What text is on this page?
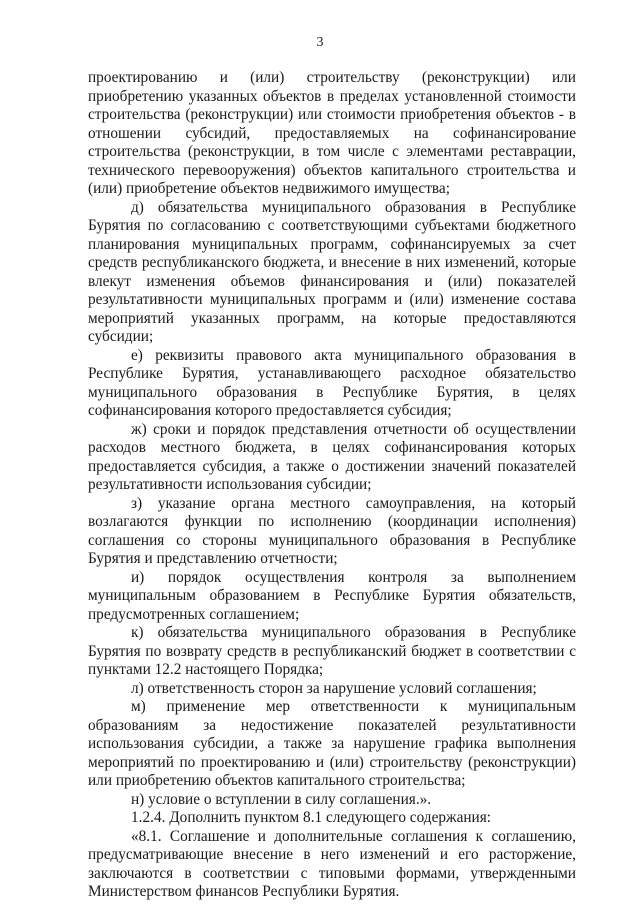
3

проектированию и (или) строительству (реконструкции) или приобретению указанных объектов в пределах установленной стоимости строительства (реконструкции) или стоимости приобретения объектов - в отношении субсидий, предоставляемых на софинансирование строительства (реконструкции, в том числе с элементами реставрации, технического перевооружения) объектов капитального строительства и (или) приобретение объектов недвижимого имущества;

д) обязательства муниципального образования в Республике Бурятия по согласованию с соответствующими субъектами бюджетного планирования муниципальных программ, софинансируемых за счет средств республиканского бюджета, и внесение в них изменений, которые влекут изменения объемов финансирования и (или) показателей результативности муниципальных программ и (или) изменение состава мероприятий указанных программ, на которые предоставляются субсидии;

е) реквизиты правового акта муниципального образования в Республике Бурятия, устанавливающего расходное обязательство муниципального образования в Республике Бурятия, в целях софинансирования которого предоставляется субсидия;

ж) сроки и порядок представления отчетности об осуществлении расходов местного бюджета, в целях софинансирования которых предоставляется субсидия, а также о достижении значений показателей результативности использования субсидии;

з) указание органа местного самоуправления, на который возлагаются функции по исполнению (координации исполнения) соглашения со стороны муниципального образования в Республике Бурятия и представлению отчетности;

и) порядок осуществления контроля за выполнением муниципальным образованием в Республике Бурятия обязательств, предусмотренных соглашением;

к) обязательства муниципального образования в Республике Бурятия по возврату средств в республиканский бюджет в соответствии с пунктами 12.2 настоящего Порядка;

л) ответственность сторон за нарушение условий соглашения;

м) применение мер ответственности к муниципальным образованиям за недостижение показателей результативности использования субсидии, а также за нарушение графика выполнения мероприятий по проектированию и (или) строительству (реконструкции) или приобретению объектов капитального строительства;

н) условие о вступлении в силу соглашения.».

1.2.4. Дополнить пунктом 8.1 следующего содержания:

«8.1. Соглашение и дополнительные соглашения к соглашению, предусматривающие внесение в него изменений и его расторжение, заключаются в соответствии с типовыми формами, утвержденными Министерством финансов Республики Бурятия.
